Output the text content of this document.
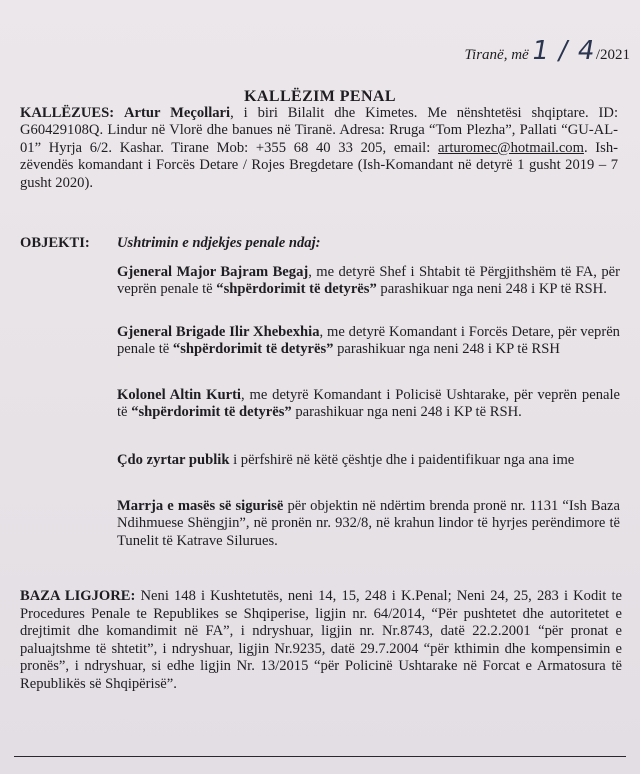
Tiranë, më 1 / 4/2021
KALLËZIM PENAL
KALLËZUES: Artur Meçollari, i biri Bilalit dhe Kimetes. Me nënshtetësi shqiptare. ID: G60429108Q. Lindur në Vlorë dhe banues në Tiranë. Adresa: Rruga “Tom Plezha”, Pallati “GU-AL-01” Hyrja 6/2. Kashar. Tirane Mob: +355 68 40 33 205, email: arturomec@hotmail.com. Ish-zëvendës komandant i Forcës Detare / Rojes Bregdetare (Ish-Komandant në detyrë 1 gusht 2019 – 7 gusht 2020).
OBJEKTI: Ushtrimin e ndjekjes penale ndaj:
Gjeneral Major Bajram Begaj, me detyrë Shef i Shtabit të Përgjithshëm të FA, për veprën penale të “shpërdorimit të detyrës” parashikuar nga neni 248 i KP të RSH.
Gjeneral Brigade Ilir Xhebexhia, me detyrë Komandant i Forcës Detare, për veprën penale të “shpërdorimit të detyrës” parashikuar nga neni 248 i KP të RSH
Kolonel Altin Kurti, me detyrë Komandant i Policisë Ushtarake, për veprën penale të “shpërdorimit të detyrës” parashikuar nga neni 248 i KP të RSH.
Çdo zyrtar publik i përfshirë në këtë çështje dhe i paidentifikuar nga ana ime
Marrja e masës së sigurisë për objektin në ndërtim brenda pronë nr. 1131 “Ish Baza Ndihmuese Shëngjin”, në pronën nr. 932/8, në krahun lindor të hyrjes perëndimore të Tunelit të Katrave Silurues.
BAZA LIGJORE: Neni 148 i Kushtetutës, neni 14, 15, 248 i K.Penal; Neni 24, 25, 283 i Kodit te Procedures Penale te Republikes se Shqiperise, ligjin nr. 64/2014, “Për pushtetet dhe autoritetet e drejtimit dhe komandimit në FA”, i ndryshuar, ligjin nr. Nr.8743, datë 22.2.2001 “për pronat e paluajtshme të shtetit”, i ndryshuar, ligjin Nr.9235, datë 29.7.2004 “për kthimin dhe kompensimin e pronës”, i ndryshuar, si edhe ligjin Nr. 13/2015 “për Policinë Ushtarake në Forcat e Armatosura të Republikës së Shqipërisë”.
